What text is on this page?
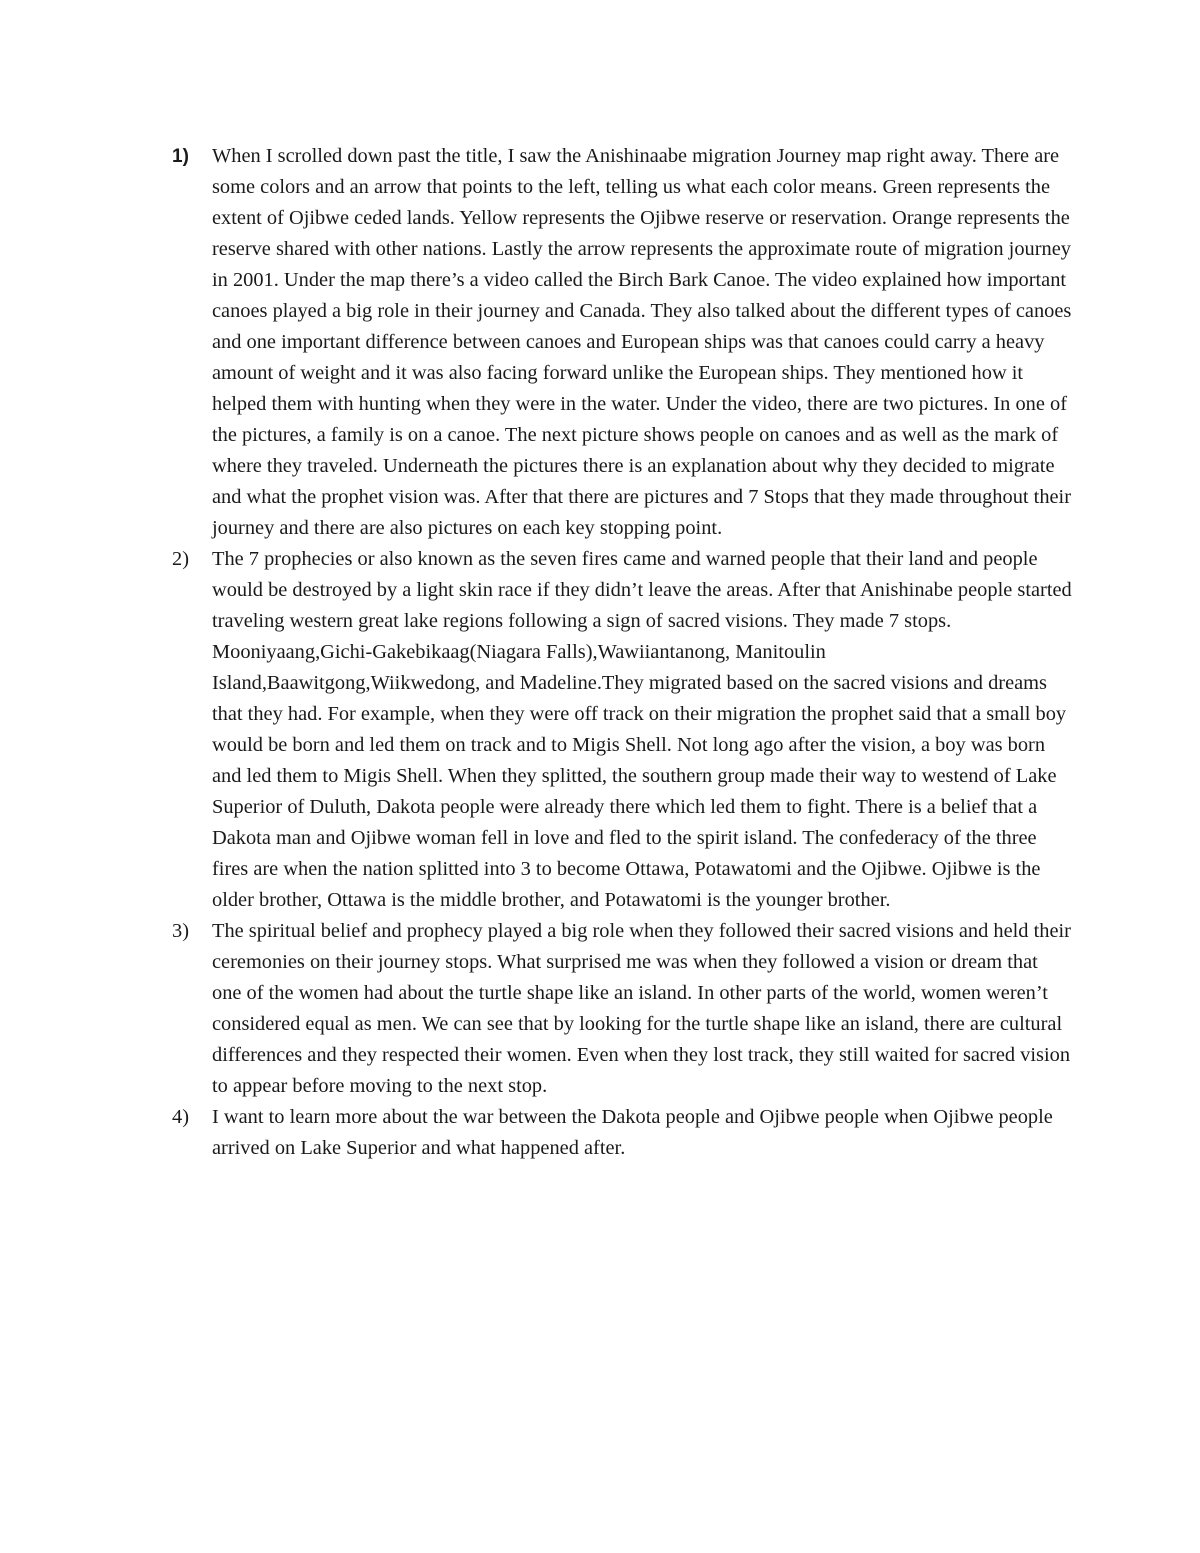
1) When I scrolled down past the title, I saw the Anishinaabe migration Journey map right away. There are some colors and an arrow that points to the left, telling us what each color means. Green represents the extent of Ojibwe ceded lands. Yellow represents the Ojibwe reserve or reservation. Orange represents the reserve shared with other nations. Lastly the arrow represents the approximate route of migration journey in 2001. Under the map there’s a video called the Birch Bark Canoe. The video explained how important canoes played a big role in their journey and Canada. They also talked about the different types of canoes and one important difference between canoes and European ships was that canoes could carry a heavy amount of weight and it was also facing forward unlike the European ships. They mentioned how it helped them with hunting when they were in the water. Under the video, there are two pictures. In one of the pictures, a family is on a canoe. The next picture shows people on canoes and as well as the mark of where they traveled. Underneath the pictures there is an explanation about why they decided to migrate and what the prophet vision was. After that there are pictures and 7 Stops that they made throughout their journey and there are also pictures on each key stopping point.
2) The 7 prophecies or also known as the seven fires came and warned people that their land and people would be destroyed by a light skin race if they didn’t leave the areas. After that Anishinabe people started traveling western great lake regions following a sign of sacred visions. They made 7 stops. Mooniyaang,Gichi-Gakebikaag(Niagara Falls),Wawiiantanong, Manitoulin Island,Baawitgong,Wiikwedong, and Madeline.They migrated based on the sacred visions and dreams that they had. For example, when they were off track on their migration the prophet said that a small boy would be born and led them on track and to Migis Shell. Not long ago after the vision, a boy was born and led them to Migis Shell. When they splitted, the southern group made their way to westend of Lake Superior of Duluth, Dakota people were already there which led them to fight. There is a belief that a Dakota man and Ojibwe woman fell in love and fled to the spirit island. The confederacy of the three fires are when the nation splitted into 3 to become Ottawa, Potawatomi and the Ojibwe. Ojibwe is the older brother, Ottawa is the middle brother, and Potawatomi is the younger brother.
3) The spiritual belief and prophecy played a big role when they followed their sacred visions and held their ceremonies on their journey stops. What surprised me was when they followed a vision or dream that one of the women had about the turtle shape like an island. In other parts of the world, women weren’t considered equal as men. We can see that by looking for the turtle shape like an island, there are cultural differences and they respected their women. Even when they lost track, they still waited for sacred vision to appear before moving to the next stop.
4) I want to learn more about the war between the Dakota people and Ojibwe people when Ojibwe people arrived on Lake Superior and what happened after.
